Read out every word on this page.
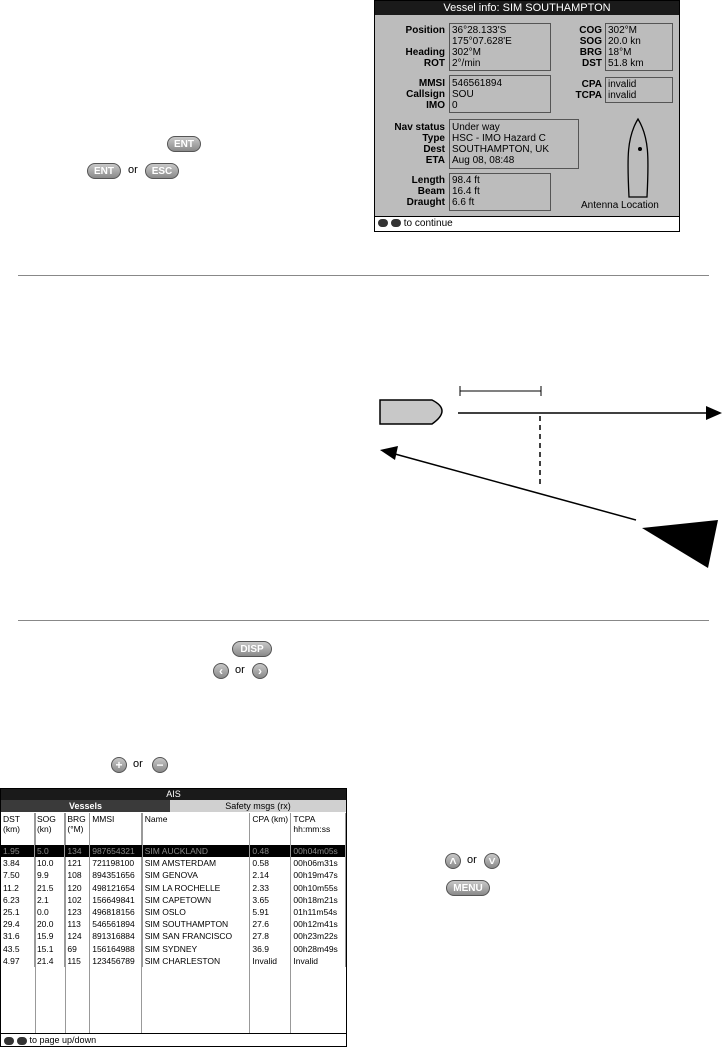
ENT
ENT	or	ESC
Vessel info: SIM SOUTHAMPTON
Position 36°28.133'S
175°07.628'E
Heading 302°M
ROT 2°/min
COG 302°M
SOG 20.0 kn
BRG 18°M
DST 51.8 km
MMSI 546561894
Callsign SOU
IMO 0
CPA invalid
TCPA invalid
Nav status Under way
Type HSC - IMO Hazard C
Dest SOUTHAMPTON, UK
ETA Aug 08, 08:48
Length 98.4 ft
Beam 16.4 ft
Draught 6.6 ft	Antenna Location
to continue
DISP
‹	or	›
+ or	−
AIS
Vessels	Safety msgs (rx)
DST (km)	SOG (kn)	BRG (°M)	MMSI	Name	CPA (km)	TCPA hh:mm:ss
1.95	5.0	134	987654321	SIM AUCKLAND	0.48	00h04m05s
3.84	10.0	121	721198100	SIM AMSTERDAM	0.58	00h06m31s
7.50	9.9	108	894351656	SIM GENOVA	2.14	00h19m47s
11.2	21.5	120	498121654	SIM LA ROCHELLE	2.33	00h10m55s
6.23	2.1	102	156649841	SIM CAPETOWN	3.65	00h18m21s
25.1	0.0	123	496818156	SIM OSLO	5.91	01h11m54s
29.4	20.0	113	546561894	SIM SOUTHAMPTON	27.6	00h12m41s
31.6	15.9	124	891316884	SIM SAN FRANCISCO	27.8	00h23m22s
43.5	15.1	69	156164988	SIM SYDNEY	36.9	00h28m49s
4.97	21.4	115	123456789	SIM CHARLESTON	Invalid	Invalid
to page up/down
˄ or ˅
MENU
